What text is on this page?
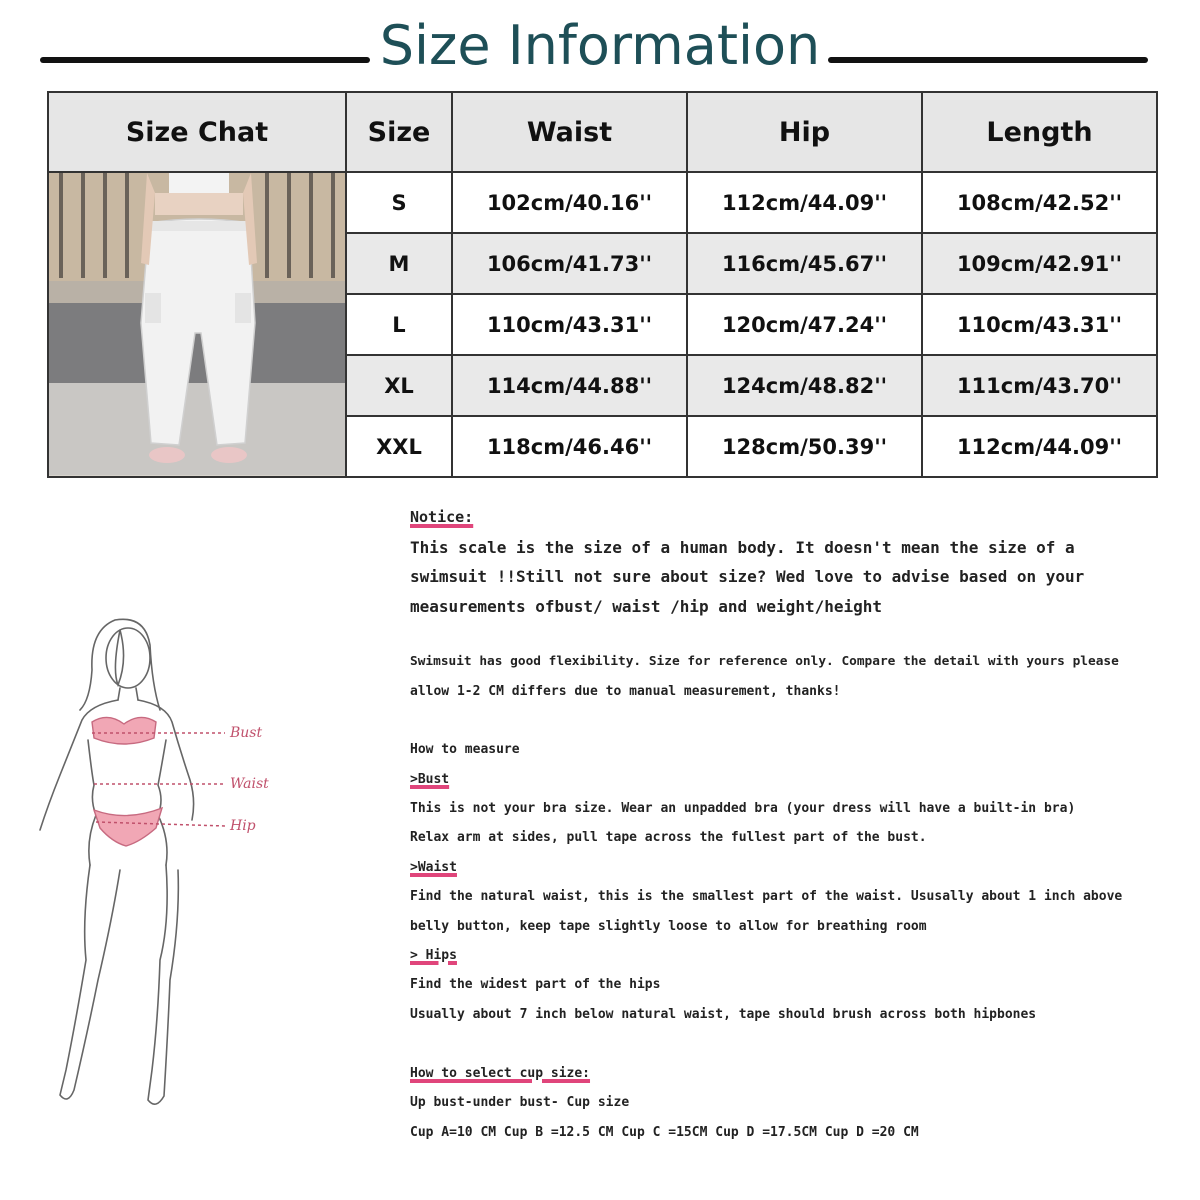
Size Information
Size Chat	Size	Waist	Hip	Length

	S	102cm/40.16''	112cm/44.09''	108cm/42.52''
	M	106cm/41.73''	116cm/45.67''	109cm/42.91''
	L	110cm/43.31''	120cm/47.24''	110cm/43.31''
	XL	114cm/44.88''	124cm/48.82''	111cm/43.70''
	XXL	118cm/46.46''	128cm/50.39''	112cm/44.09''
Bust
Waist
Hip
Notice:
This scale is the size of a human body. It doesn't mean the size of a
swimsuit !!Still not sure about size? Wed love to advise based on your
measurements ofbust/ waist /hip and weight/height
Swimsuit has good flexibility. Size for reference only. Compare the detail with yours please
allow 1-2 CM differs due to manual measurement, thanks!
How to measure
>Bust
This is not your bra size. Wear an unpadded bra (your dress will have a built-in bra)
Relax arm at sides, pull tape across the fullest part of the bust.
>Waist
Find the natural waist, this is the smallest part of the waist. Ususally about 1 inch above
belly button, keep tape slightly loose to allow for breathing room
> Hips
Find the widest part of the hips
Usually about 7 inch below natural waist, tape should brush across both hipbones
How to select cup size:
Up bust-under bust- Cup size
Cup A=10 CM Cup B =12.5 CM Cup C =15CM Cup D =17.5CM Cup D =20 CM
